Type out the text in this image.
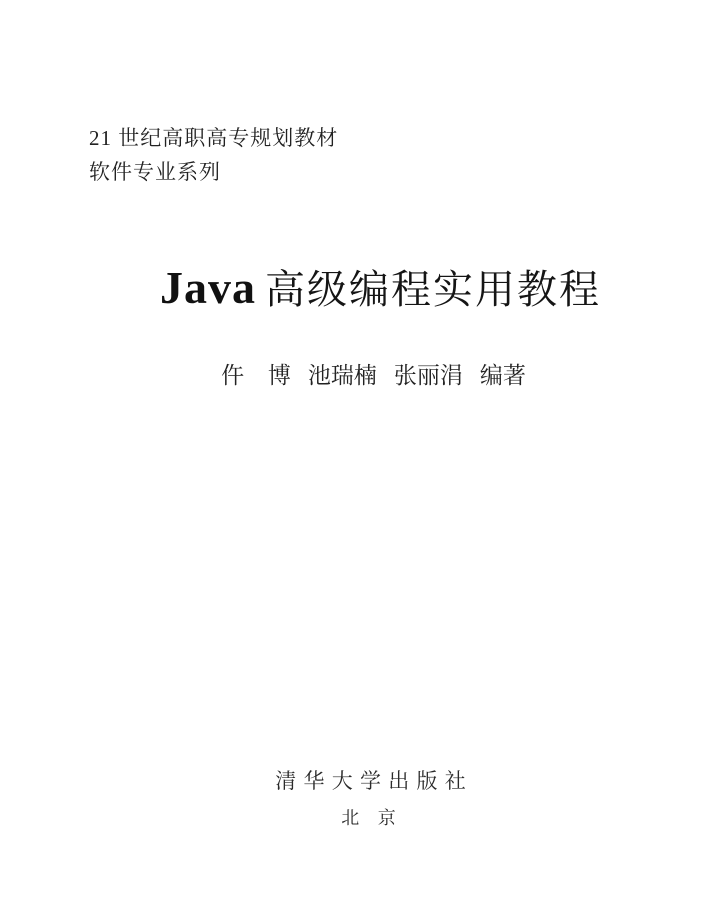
21 世纪高职高专规划教材
软件专业系列
Java 高级编程实用教程
仵 博 池瑞楠 张丽涓 编著
清 华 大 学 出 版 社
北 京
